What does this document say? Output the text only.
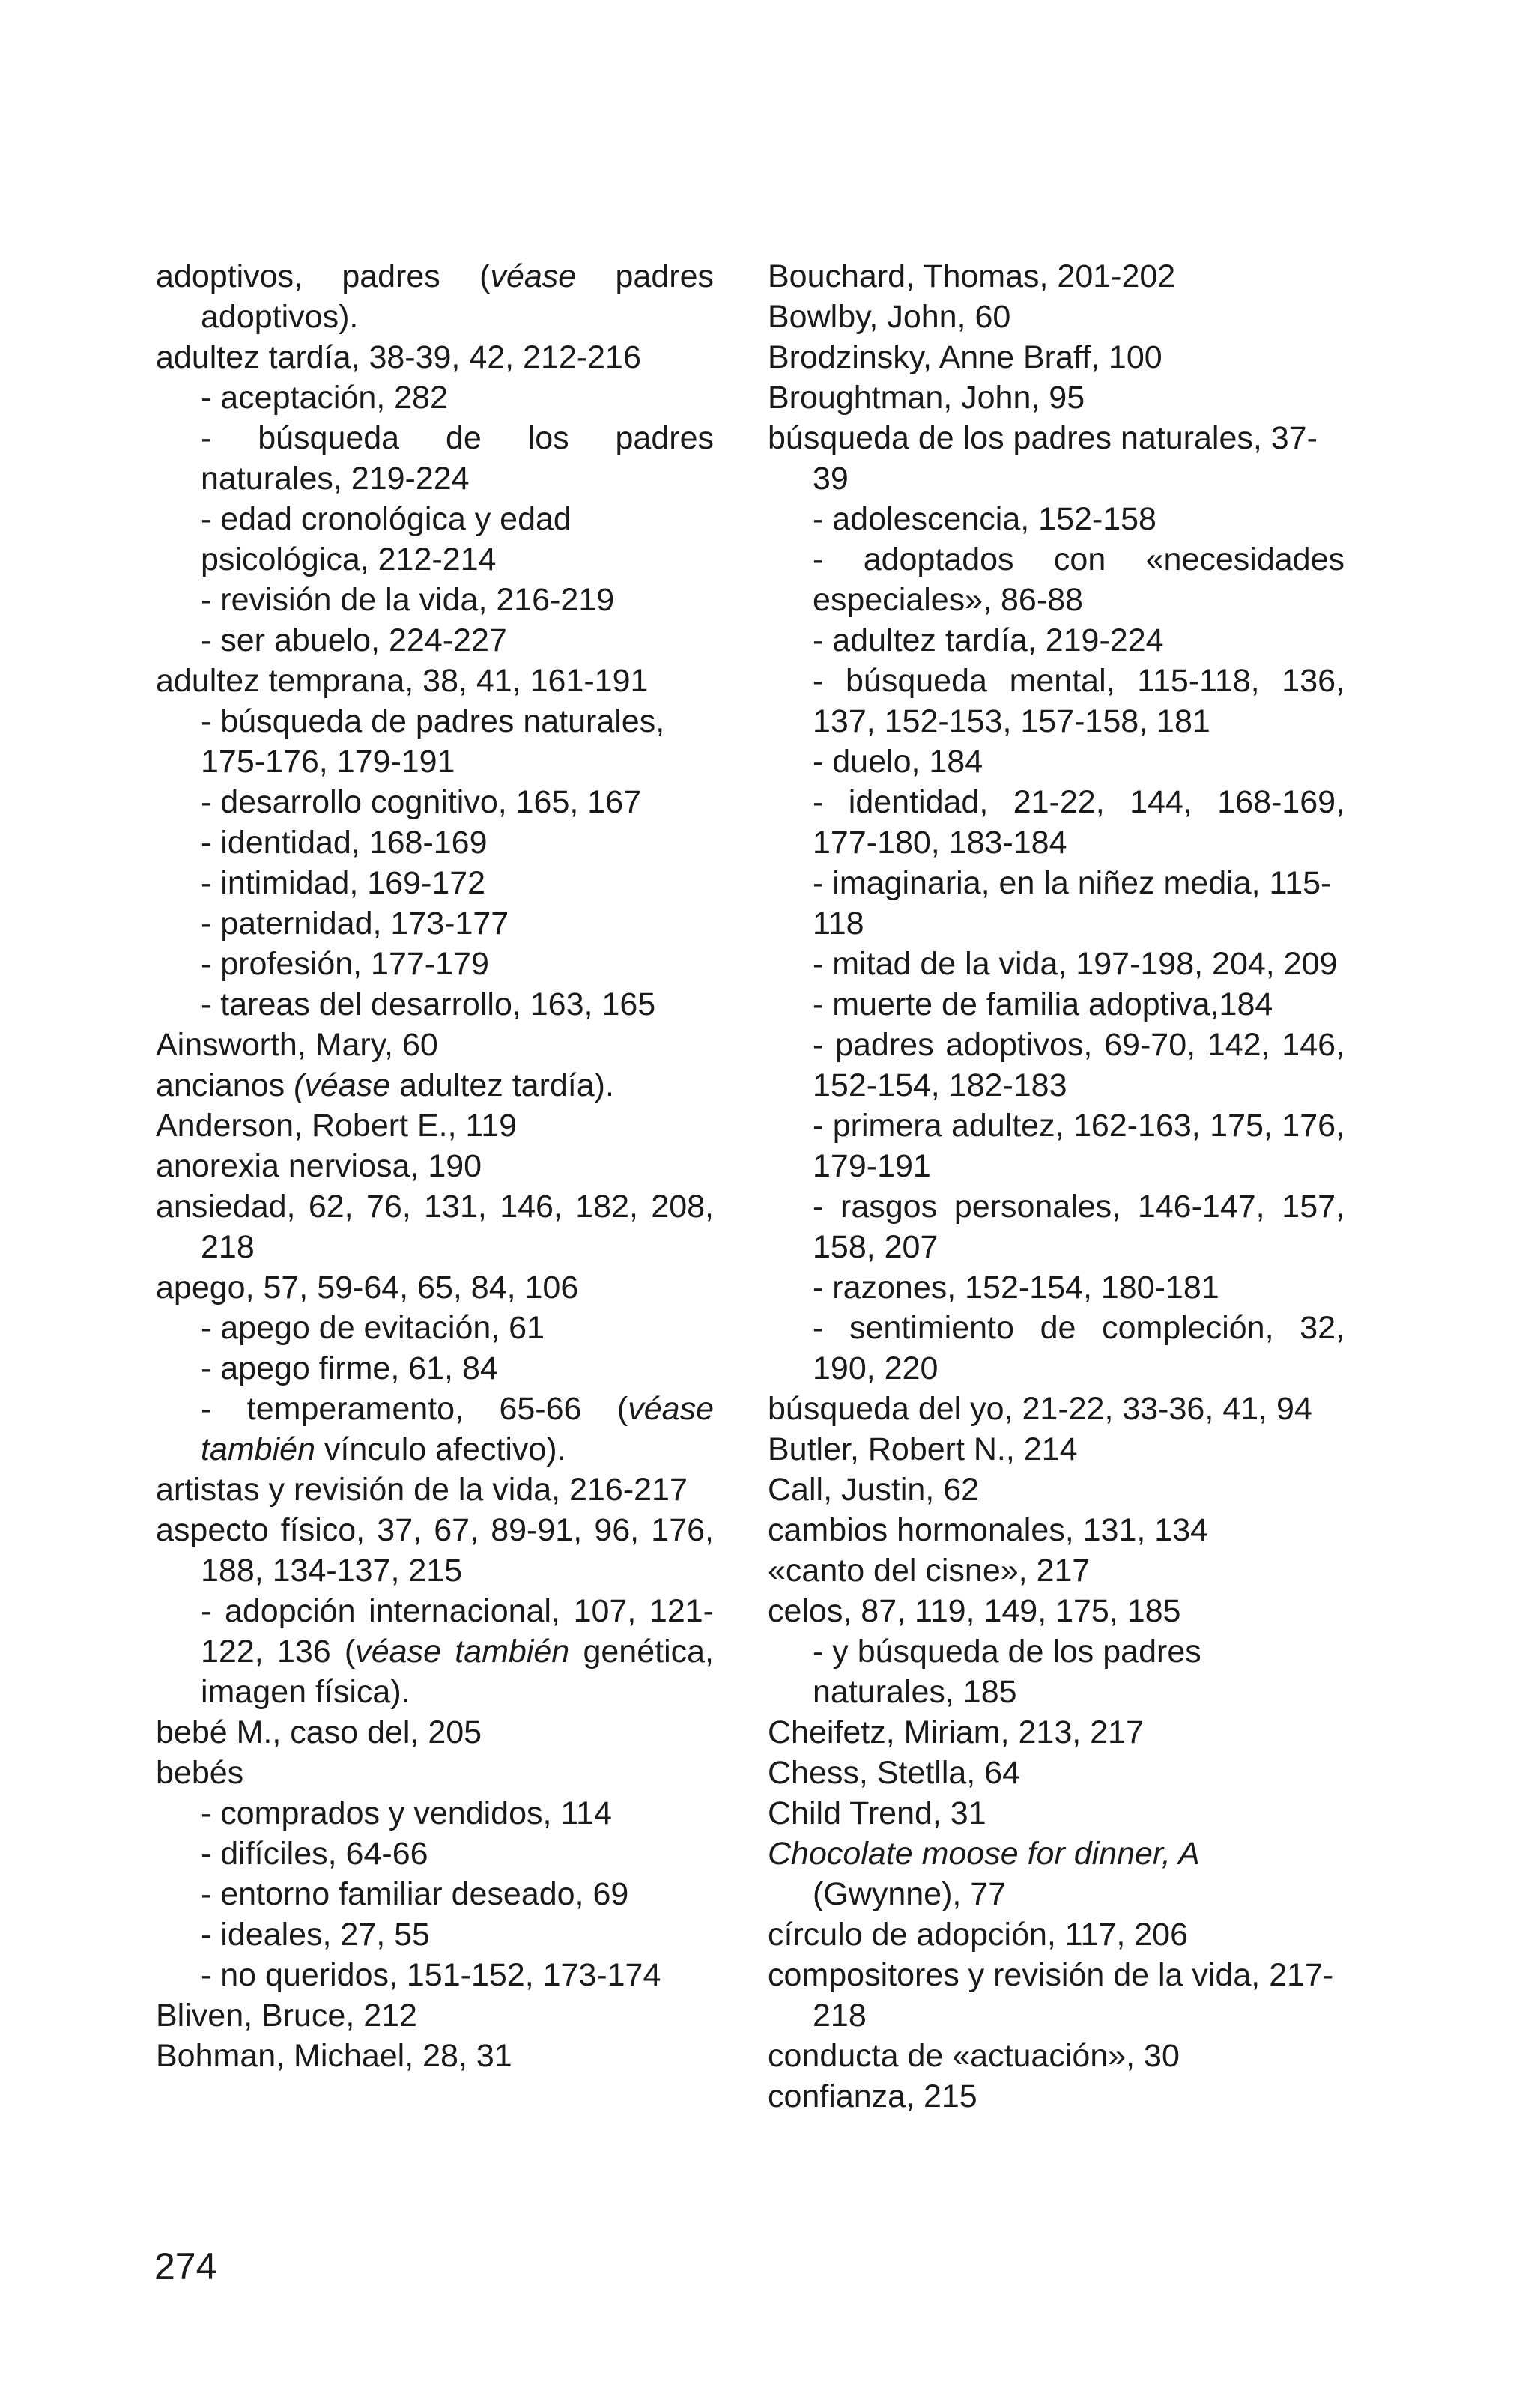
adoptivos, padres (véase padres adoptivos).

adultez tardía, 38-39, 42, 212-216

- aceptación, 282

- búsqueda de los padres naturales, 219-224

- edad cronológica y edad psicológica, 212-214

- revisión de la vida, 216-219

- ser abuelo, 224-227

adultez temprana, 38, 41, 161-191

- búsqueda de padres naturales, 175-176, 179-191

- desarrollo cognitivo, 165, 167

- identidad, 168-169

- intimidad, 169-172

- paternidad, 173-177

- profesión, 177-179

- tareas del desarrollo, 163, 165

Ainsworth, Mary, 60

ancianos (véase adultez tardía).

Anderson, Robert E., 119

anorexia nerviosa, 190

ansiedad, 62, 76, 131, 146, 182, 208, 218

apego, 57, 59-64, 65, 84, 106

- apego de evitación, 61

- apego firme, 61, 84

- temperamento, 65-66 (véase también vínculo afectivo).

artistas y revisión de la vida, 216-217

aspecto físico, 37, 67, 89-91, 96, 176, 188, 134-137, 215

- adopción internacional, 107, 121-122, 136 (véase también genética, imagen física).

bebé M., caso del, 205

bebés

- comprados y vendidos, 114

- difíciles, 64-66

- entorno familiar deseado, 69

- ideales, 27, 55

- no queridos, 151-152, 173-174

Bliven, Bruce, 212

Bohman, Michael, 28, 31

Bouchard, Thomas, 201-202

Bowlby, John, 60

Brodzinsky, Anne Braff, 100

Broughtman, John, 95

búsqueda de los padres naturales, 37-39

- adolescencia, 152-158

- adoptados con «necesidades especiales», 86-88

- adultez tardía, 219-224

- búsqueda mental, 115-118, 136, 137, 152-153, 157-158, 181

- duelo, 184

- identidad, 21-22, 144, 168-169, 177-180, 183-184

- imaginaria, en la niñez media, 115-118

- mitad de la vida, 197-198, 204, 209

- muerte de familia adoptiva,184

- padres adoptivos, 69-70, 142, 146, 152-154, 182-183

- primera adultez, 162-163, 175, 176, 179-191

- rasgos personales, 146-147, 157, 158, 207

- razones, 152-154, 180-181

- sentimiento de compleción, 32, 190, 220

búsqueda del yo, 21-22, 33-36, 41, 94

Butler, Robert N., 214

Call, Justin, 62

cambios hormonales, 131, 134

«canto del cisne», 217

celos, 87, 119, 149, 175, 185

- y búsqueda de los padres naturales, 185

Cheifetz, Miriam, 213, 217

Chess, Stetlla, 64

Child Trend, 31

Chocolate moose for dinner, A (Gwynne), 77

círculo de adopción, 117, 206

compositores y revisión de la vida, 217-218

conducta de «actuación», 30

confianza, 215

274
